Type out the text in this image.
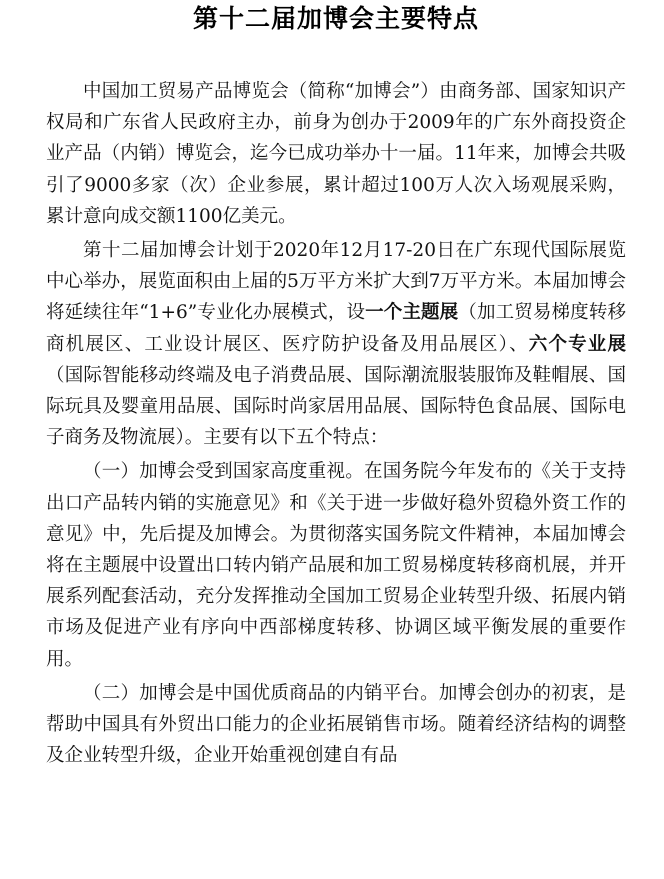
第十二届加博会主要特点

中国加工贸易产品博览会（简称“加博会”）由商务部、国家知识产权局和广东省人民政府主办，前身为创办于2009年的广东外商投资企业产品（内销）博览会，迄今已成功举办十一届。11年来，加博会共吸引了9000多家（次）企业参展，累计超过100万人次入场观展采购，累计意向成交额1100亿美元。

第十二届加博会计划于2020年12月17-20日在广东现代国际展览中心举办，展览面积由上届的5万平方米扩大到7万平方米。本届加博会将延续往年“1+6”专业化办展模式，设一个主题展（加工贸易梯度转移商机展区、工业设计展区、医疗防护设备及用品展区）、六个专业展（国际智能移动终端及电子消费品展、国际潮流服装服饰及鞋帽展、国际玩具及婴童用品展、国际时尚家居用品展、国际特色食品展、国际电子商务及物流展）。主要有以下五个特点：

（一）加博会受到国家高度重视。在国务院今年发布的《关于支持出口产品转内销的实施意见》和《关于进一步做好稳外贸稳外资工作的意见》中，先后提及加博会。为贯彻落实国务院文件精神，本届加博会将在主题展中设置出口转内销产品展和加工贸易梯度转移商机展，并开展系列配套活动，充分发挥推动全国加工贸易企业转型升级、拓展内销市场及促进产业有序向中西部梯度转移、协调区域平衡发展的重要作用。

（二）加博会是中国优质商品的内销平台。加博会创办的初衷，是帮助中国具有外贸出口能力的企业拓展销售市场。随着经济结构的调整及企业转型升级，企业开始重视创建自有品
